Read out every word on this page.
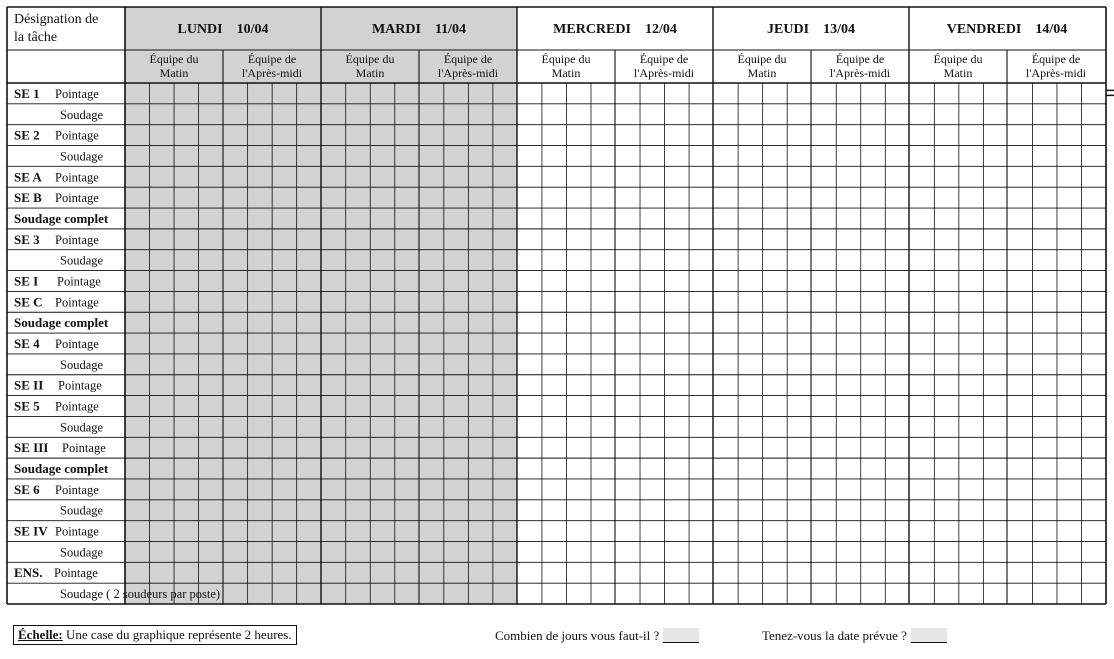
Désignation de
la tâche
LUNDI 10/04	MARDI 11/04	MERCREDI 12/04	JEUDI 13/04	VENDREDI 14/04
Équipe du
Matin
Équipe de
l'Après-midi
Équipe du
Matin
Équipe de
l'Après-midi
Équipe du
Matin
Équipe de
l'Après-midi
Équipe du
Matin
Équipe de
l'Après-midi
Équipe du
Matin
Équipe de
l'Après-midi
SE 1 Pointage
Soudage
SE 2 Pointage
Soudage
SE A Pointage
SE B Pointage
Soudage complet
SE 3 Pointage
Soudage
SE I Pointage
SE C Pointage
Soudage complet
SE 4 Pointage
Soudage
SE II Pointage
SE 5 Pointage
Soudage
SE III Pointage
Soudage complet
SE 6 Pointage
Soudage
SE IV Pointage
Soudage
ENS. Pointage
Soudage ( 2 soudeurs par poste)
Échelle: Une case du graphique représente 2 heures.	Combien de jours vous faut-il ?	Tenez-vous la date prévue ?
